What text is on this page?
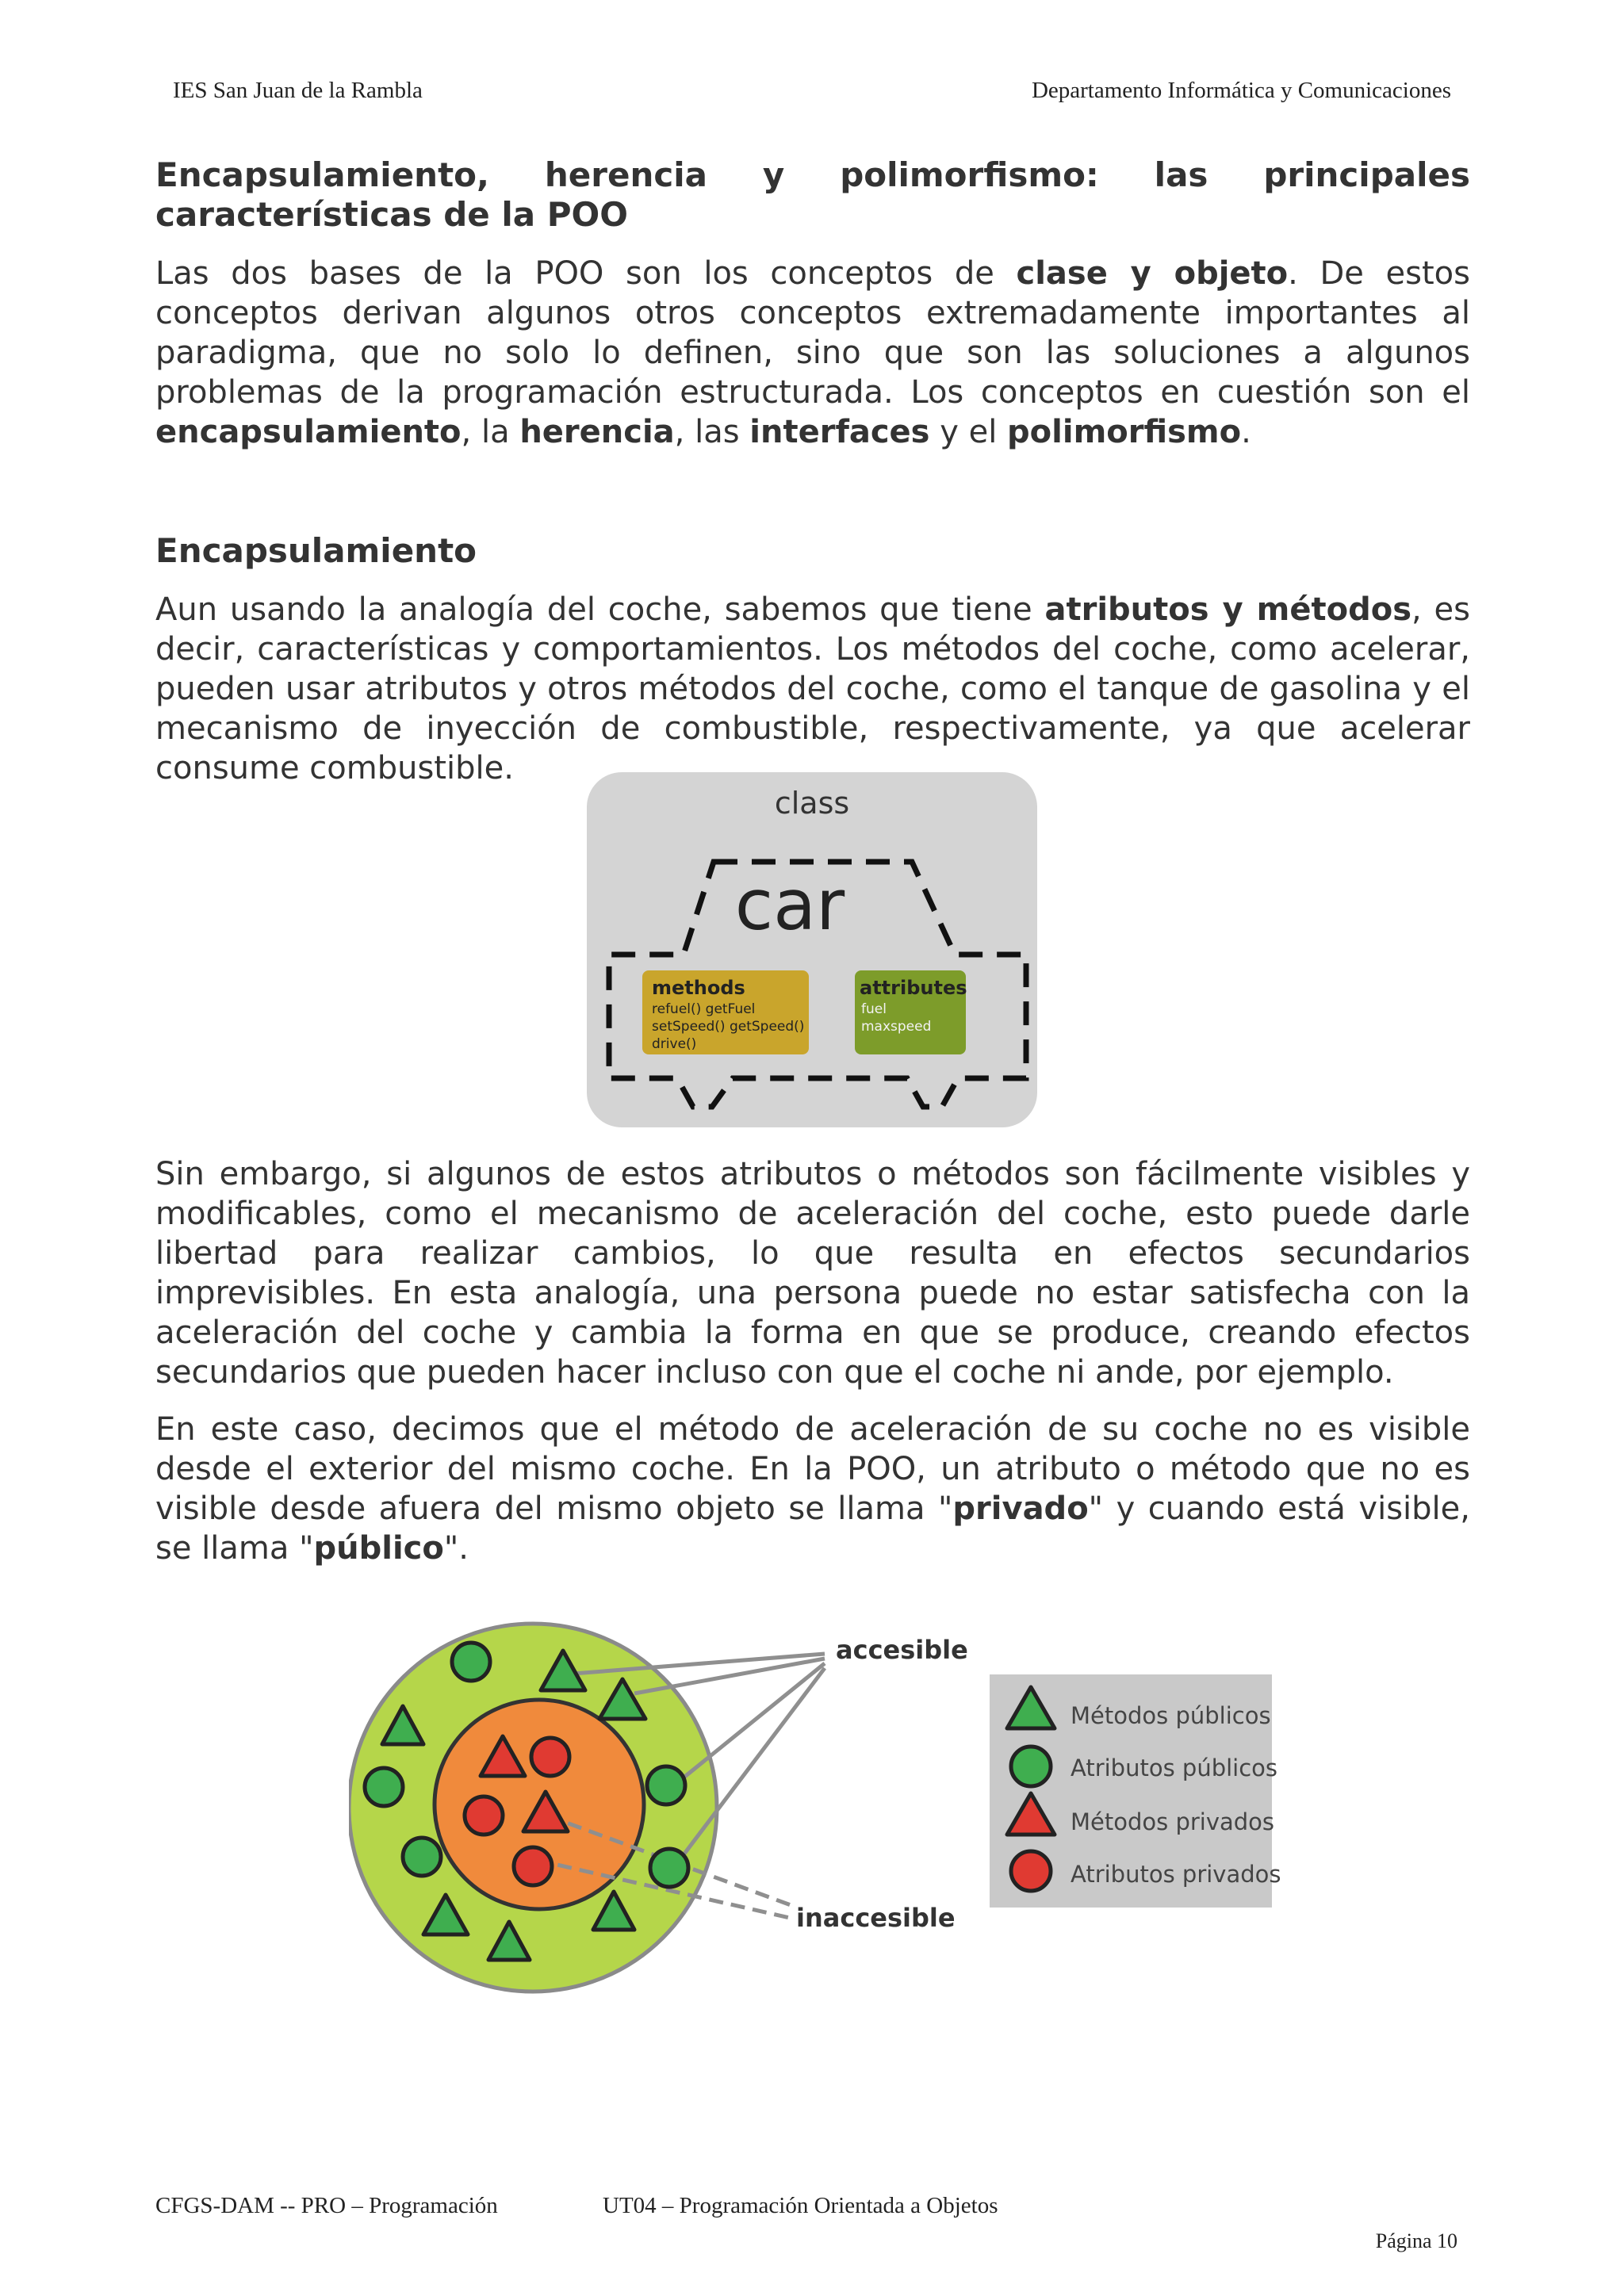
IES San Juan de la Rambla	Departamento Informática y Comunicaciones
Encapsulamiento, herencia y polimorfismo: las principales características de la POO

Las dos bases de la POO son los conceptos de clase y objeto. De estos conceptos derivan algunos otros conceptos extremadamente importantes al paradigma, que no solo lo definen, sino que son las soluciones a algunos problemas de la programación estructurada. Los conceptos en cuestión son el encapsulamiento, la herencia, las interfaces y el polimorfismo.

Encapsulamiento

Aun usando la analogía del coche, sabemos que tiene atributos y métodos, es decir, características y comportamientos. Los métodos del coche, como acelerar, pueden usar atributos y otros métodos del coche, como el tanque de gasolina y el mecanismo de inyección de combustible, respectivamente, ya que acelerar consume combustible.

class
car
methods
refuel() getFuel
setSpeed() getSpeed()
drive()
attributes
fuel
maxspeed

Sin embargo, si algunos de estos atributos o métodos son fácilmente visibles y modificables, como el mecanismo de aceleración del coche, esto puede darle libertad para realizar cambios, lo que resulta en efectos secundarios imprevisibles. En esta analogía, una persona puede no estar satisfecha con la aceleración del coche y cambia la forma en que se produce, creando efectos secundarios que pueden hacer incluso con que el coche ni ande, por ejemplo.

En este caso, decimos que el método de aceleración de su coche no es visible desde el exterior del mismo coche. En la POO, un atributo o método que no es visible desde afuera del mismo objeto se llama "privado" y cuando está visible, se llama "público".

accesible
inaccesible
Métodos públicos
Atributos públicos
Métodos privados
Atributos privados
CFGS-DAM -- PRO – Programación	UT04 – Programación Orientada a Objetos
Página 10
